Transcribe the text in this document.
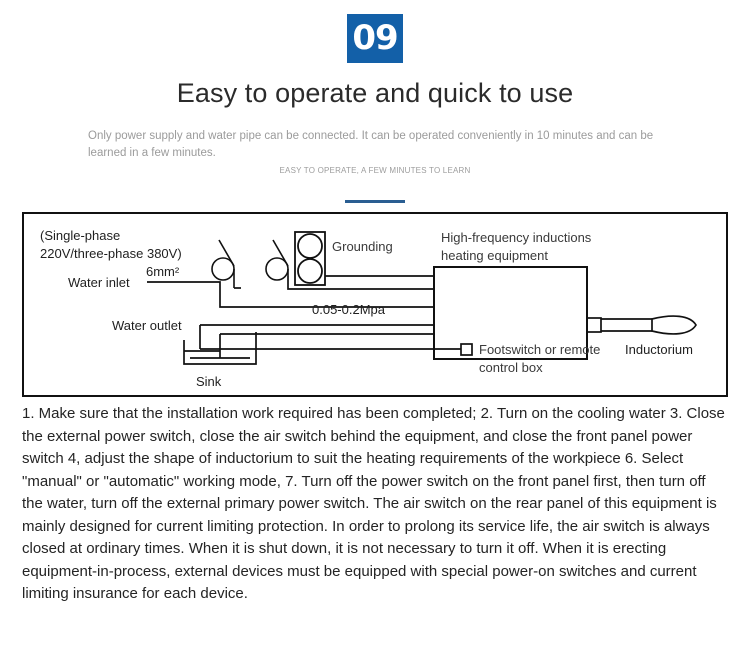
09
Easy to operate and quick to use
Only power supply and water pipe can be connected. It can be operated conveniently in 10 minutes and can be learned in a few minutes.
EASY TO OPERATE, A FEW MINUTES TO LEARN
Grounding
Water inlet
0.05-0.2Mpa
Water outlet
Sink
High-frequency inductions
heating equipment
Inductorium
Footswitch or remote
control box
(Single-phase
220V/three-phase 380V)
6mm²
1. Make sure that the installation work required has been completed; 2. Turn on the cooling water 3. Close the external power switch, close the air switch behind the equipment, and close the front panel power switch 4, adjust the shape of inductorium to suit the heating requirements of the workpiece 6. Select "manual" or "automatic" working mode, 7. Turn off the power switch on the front panel first, then turn off the water, turn off the external primary power switch. The air switch on the rear panel of this equipment is mainly designed for current limiting protection. In order to prolong its service life, the air switch is always closed at ordinary times. When it is shut down, it is not necessary to turn it off. When it is erecting equipment-in-process, external devices must be equipped with special power-on switches and current limiting insurance for each device.
